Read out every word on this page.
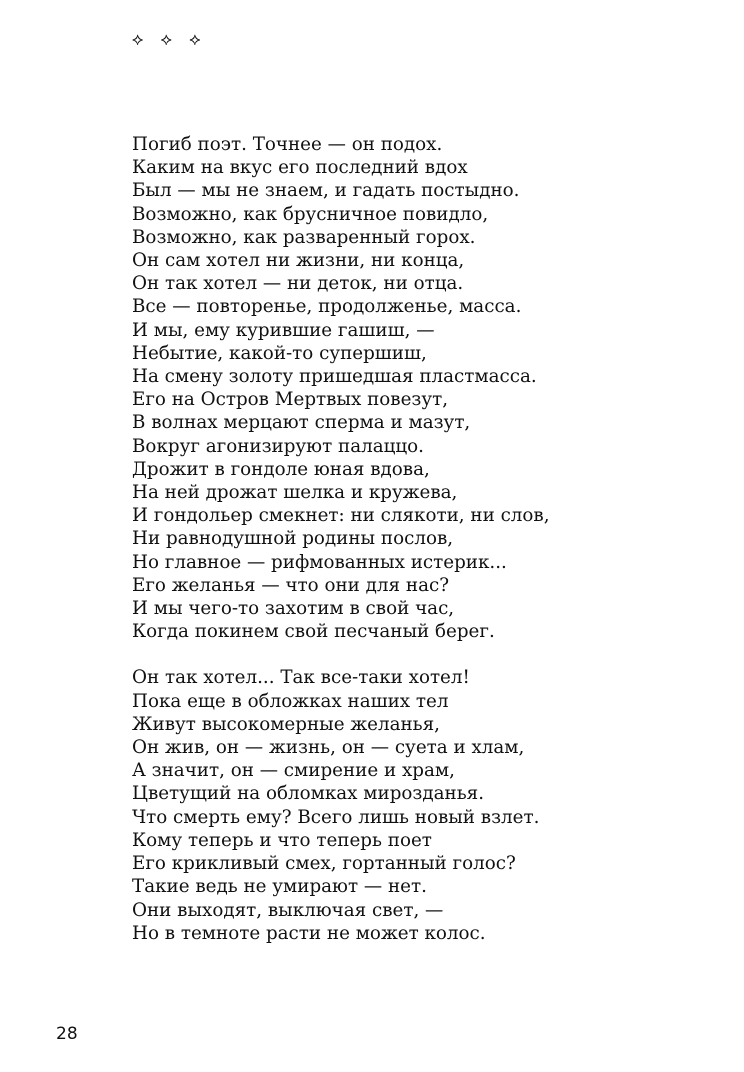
⟡ ⟡ ⟡
Погиб поэт. Точнее — он подох.
Каким на вкус его последний вдох
Был — мы не знаем, и гадать постыдно.
Возможно, как брусничное повидло,
Возможно, как разваренный горох.
Он сам хотел ни жизни, ни конца,
Он так хотел — ни деток, ни отца.
Все — повторенье, продолженье, масса.
И мы, ему курившие гашиш, —
Небытие, какой-то супершиш,
На смену золоту пришедшая пластмасса.
Его на Остров Мертвых повезут,
В волнах мерцают сперма и мазут,
Вокруг агонизируют палаццо.
Дрожит в гондоле юная вдова,
На ней дрожат шелка и кружева,
И гондольер смекнет: ни слякоти, ни слов,
Ни равнодушной родины послов,
Но главное — рифмованных истерик...
Его желанья — что они для нас?
И мы чего-то захотим в свой час,
Когда покинем свой песчаный берег.
Он так хотел... Так все-таки хотел!
Пока еще в обложках наших тел
Живут высокомерные желанья,
Он жив, он — жизнь, он — суета и хлам,
А значит, он — смирение и храм,
Цветущий на обломках мирозданья.
Что смерть ему? Всего лишь новый взлет.
Кому теперь и что теперь поет
Его крикливый смех, гортанный голос?
Такие ведь не умирают — нет.
Они выходят, выключая свет, —
Но в темноте расти не может колос.
28
